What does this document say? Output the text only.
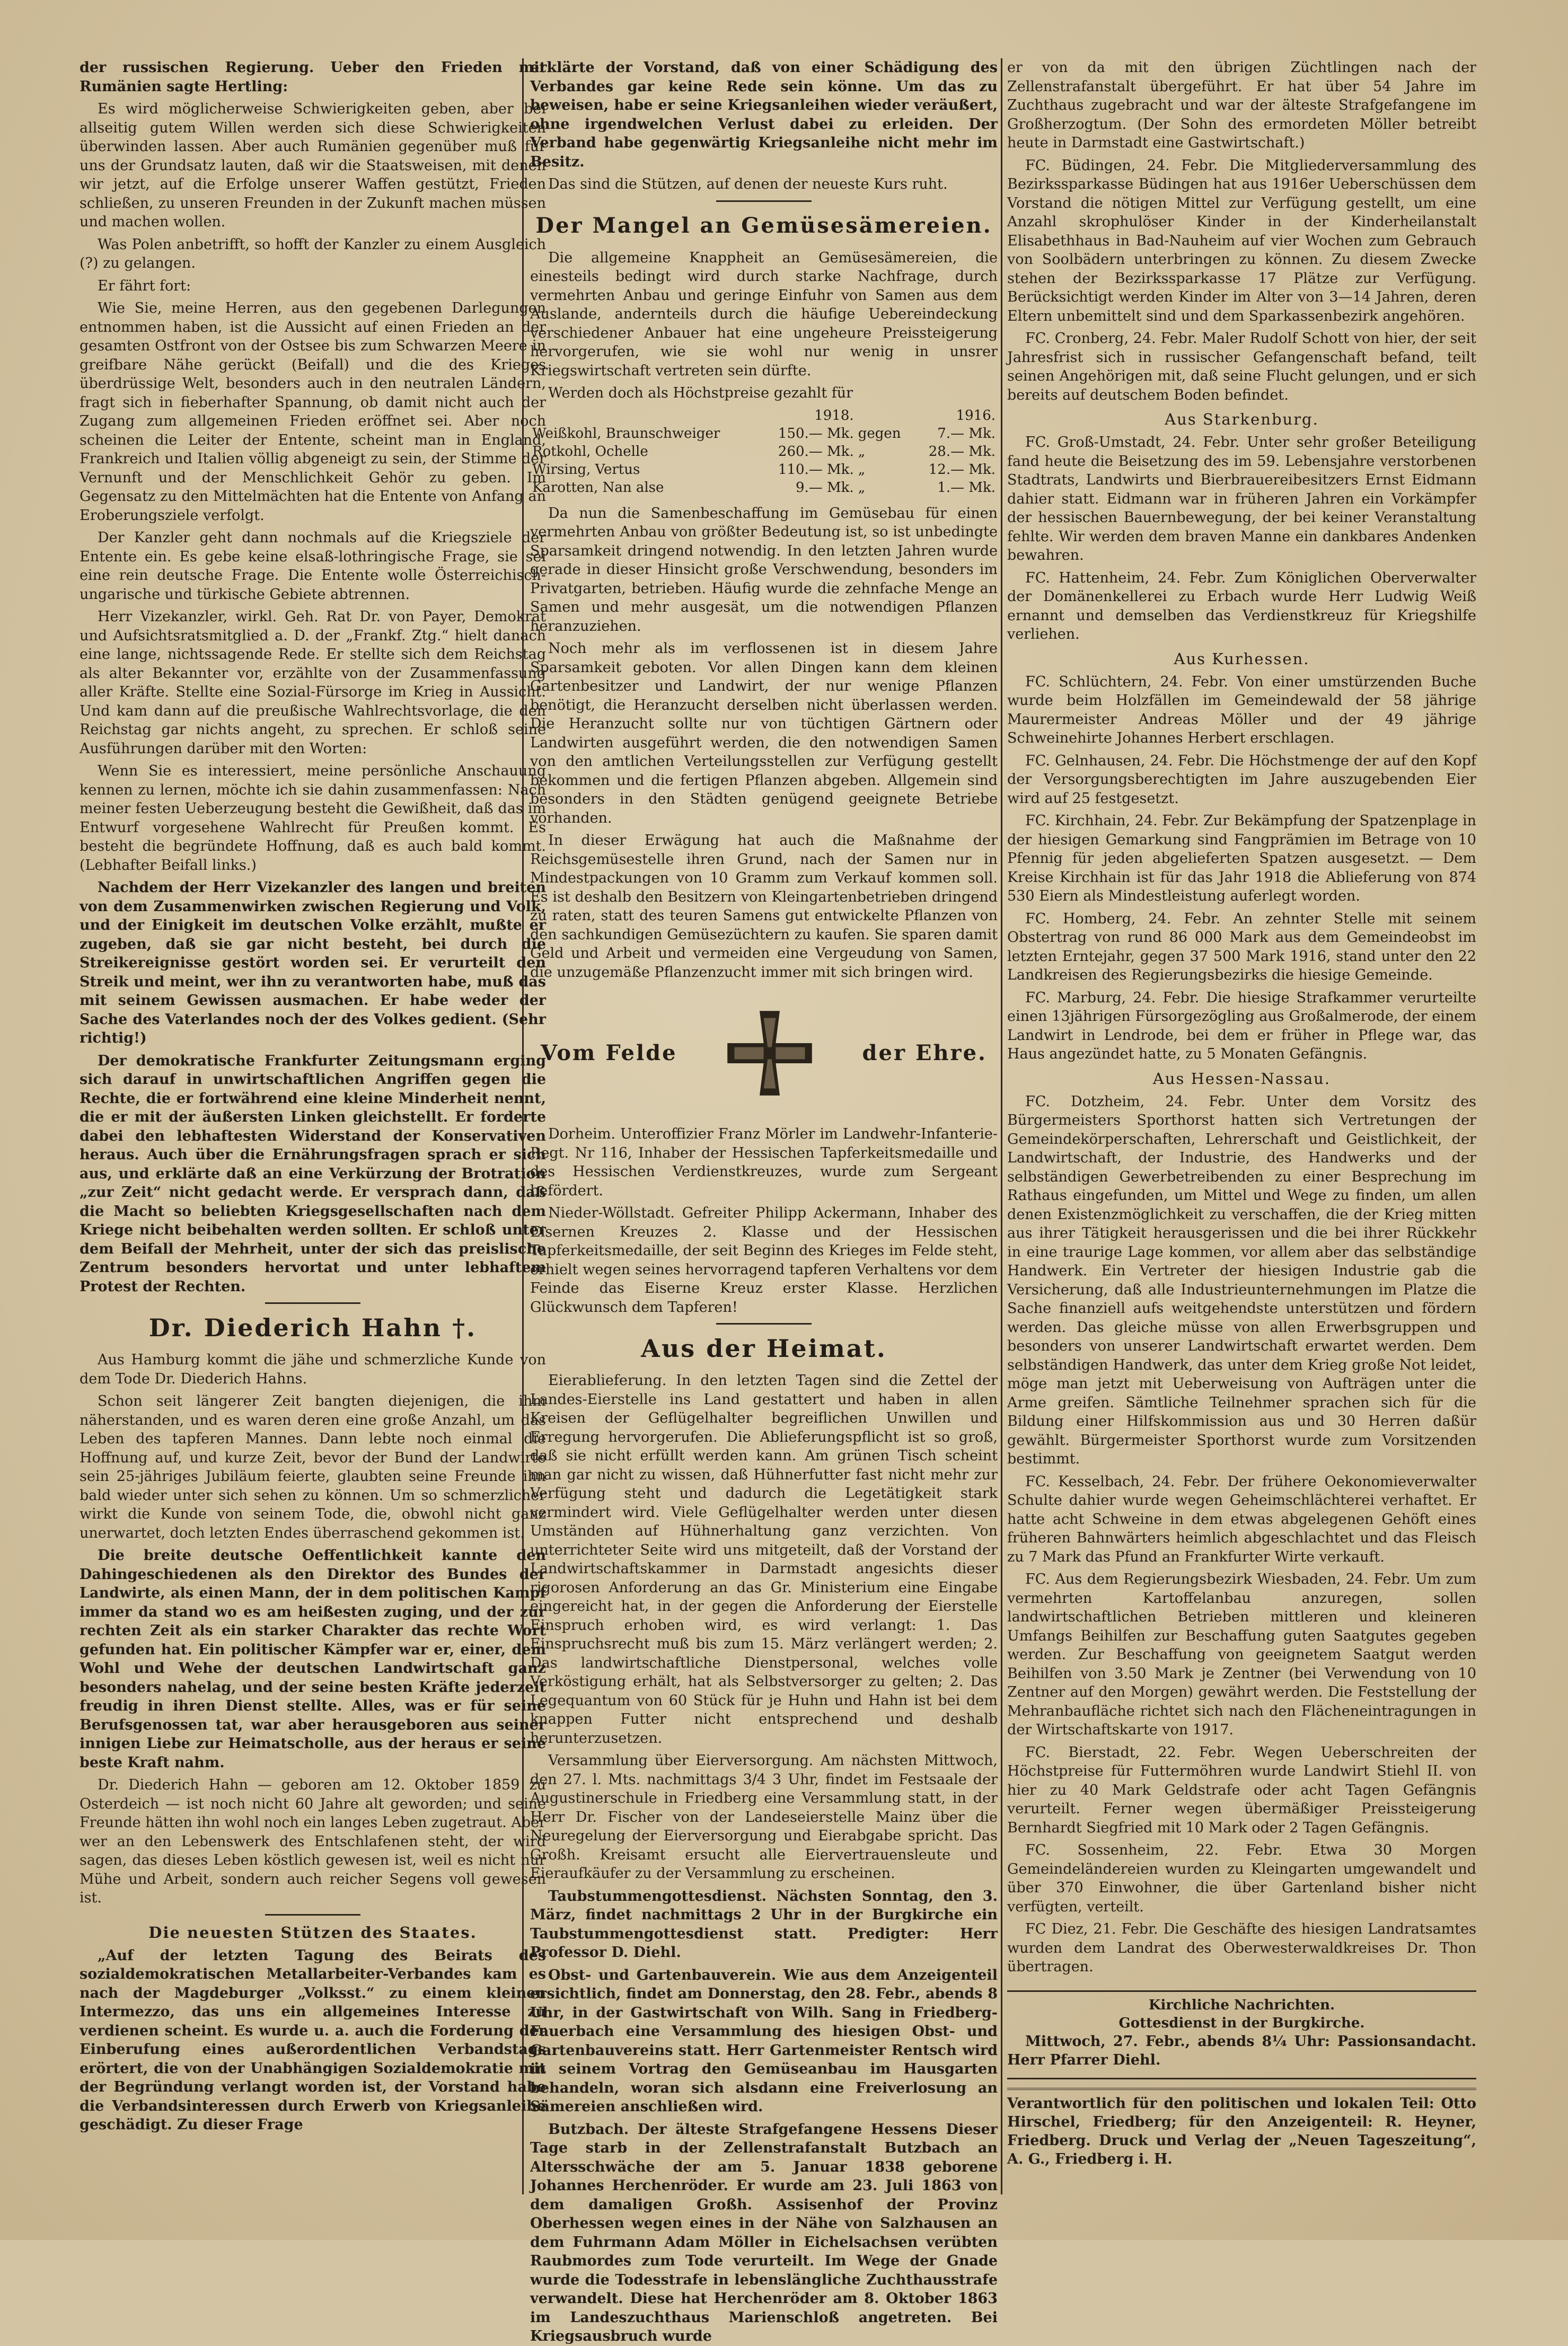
der russischen Regierung. Ueber den Frieden mit Rumänien sagte Hertling:

Es wird möglicherweise Schwierigkeiten geben, aber bei allseitig gutem Willen werden sich diese Schwierigkeiten überwinden lassen. Aber auch Rumänien gegenüber muß für uns der Grundsatz lauten, daß wir die Staatsweisen, mit denen wir jetzt, auf die Erfolge unserer Waffen gestützt, Frieden schließen, zu unseren Freunden in der Zukunft machen müssen und machen wollen.

Was Polen anbetrifft, so hofft der Kanzler zu einem Ausgleich (?) zu gelangen.

Er fährt fort:

Wie Sie, meine Herren, aus den gegebenen Darlegungen entnommen haben, ist die Aussicht auf einen Frieden an der gesamten Ostfront von der Ostsee bis zum Schwarzen Meere in greifbare Nähe gerückt (Beifall) und die des Krieges überdrüssige Welt, besonders auch in den neutralen Ländern, fragt sich in fieberhafter Spannung, ob damit nicht auch der Zugang zum allgemeinen Frieden eröffnet sei. Aber noch scheinen die Leiter der Entente, scheint man in England, Frankreich und Italien völlig abgeneigt zu sein, der Stimme der Vernunft und der Menschlichkeit Gehör zu geben. Im Gegensatz zu den Mittelmächten hat die Entente von Anfang an Eroberungsziele verfolgt.

Der Kanzler geht dann nochmals auf die Kriegsziele der Entente ein. Es gebe keine elsaß-lothringische Frage, sie sei eine rein deutsche Frage. Die Entente wolle Österreichisch-ungarische und türkische Gebiete abtrennen.

Herr Vizekanzler, wirkl. Geh. Rat Dr. von Payer, Demokrat und Aufsichtsratsmitglied a. D. der „Frankf. Ztg.“ hielt danach eine lange, nichtssagende Rede. Er stellte sich dem Reichstag als alter Bekannter vor, erzählte von der Zusammenfassung aller Kräfte. Stellte eine Sozial-Fürsorge im Krieg in Aussicht. Und kam dann auf die preußische Wahlrechtsvorlage, die den Reichstag gar nichts angeht, zu sprechen. Er schloß seine Ausführungen darüber mit den Worten:

Wenn Sie es interessiert, meine persönliche Anschauung kennen zu lernen, möchte ich sie dahin zusammenfassen: Nach meiner festen Ueberzeugung besteht die Gewißheit, daß das im Entwurf vorgesehene Wahlrecht für Preußen kommt. Es besteht die begründete Hoffnung, daß es auch bald kommt. (Lebhafter Beifall links.)

Nachdem der Herr Vizekanzler des langen und breiten von dem Zusammenwirken zwischen Regierung und Volk, und der Einigkeit im deutschen Volke erzählt, mußte er zugeben, daß sie gar nicht besteht, bei durch die Streikereignisse gestört worden sei. Er verurteilt den Streik und meint, wer ihn zu verantworten habe, muß das mit seinem Gewissen ausmachen. Er habe weder der Sache des Vaterlandes noch der des Volkes gedient. (Sehr richtig!)

Der demokratische Frankfurter Zeitungsmann erging sich darauf in unwirtschaftlichen Angriffen gegen die Rechte, die er fortwährend eine kleine Minderheit nennt, die er mit der äußersten Linken gleichstellt. Er forderte dabei den lebhaftesten Widerstand der Konservativen heraus. Auch über die Ernährungsfragen sprach er sich aus, und erklärte daß an eine Verkürzung der Brotration „zur Zeit“ nicht gedacht werde. Er versprach dann, daß die Macht so beliebten Kriegsgesellschaften nach dem Kriege nicht beibehalten werden sollten. Er schloß unter dem Beifall der Mehrheit, unter der sich das preislische Zentrum besonders hervortat und unter lebhaftem Protest der Rechten.

Dr. Diederich Hahn †.

Aus Hamburg kommt die jähe und schmerzliche Kunde von dem Tode Dr. Diederich Hahns.

Schon seit längerer Zeit bangten diejenigen, die ihm näherstanden, und es waren deren eine große Anzahl, um das Leben des tapferen Mannes. Dann lebte noch einmal die Hoffnung auf, und kurze Zeit, bevor der Bund der Landwirte sein 25-jähriges Jubiläum feierte, glaubten seine Freunde ihn bald wieder unter sich sehen zu können. Um so schmerzlicher wirkt die Kunde von seinem Tode, die, obwohl nicht ganz unerwartet, doch letzten Endes überraschend gekommen ist.

Die breite deutsche Oeffentlichkeit kannte den Dahingeschiedenen als den Direktor des Bundes der Landwirte, als einen Mann, der in dem politischen Kampf immer da stand wo es am heißesten zuging, und der zur rechten Zeit als ein starker Charakter das rechte Wort gefunden hat. Ein politischer Kämpfer war er, einer, dem Wohl und Wehe der deutschen Landwirtschaft ganz besonders nahelag, und der seine besten Kräfte jederzeit freudig in ihren Dienst stellte. Alles, was er für seine Berufsgenossen tat, war aber herausgeboren aus seiner innigen Liebe zur Heimatscholle, aus der heraus er seine beste Kraft nahm.

Dr. Diederich Hahn — geboren am 12. Oktober 1859 zu Osterdeich — ist noch nicht 60 Jahre alt geworden; und seine Freunde hätten ihn wohl noch ein langes Leben zugetraut. Aber wer an den Lebenswerk des Entschlafenen steht, der wird sagen, das dieses Leben köstlich gewesen ist, weil es nicht nur Mühe und Arbeit, sondern auch reicher Segens voll gewesen ist.

Die neuesten Stützen des Staates.

„Auf der letzten Tagung des Beirats des sozialdemokratischen Metallarbeiter-Verbandes kam es nach der Magdeburger „Volksst.“ zu einem kleinen Intermezzo, das uns ein allgemeines Interesse zu verdienen scheint. Es wurde u. a. auch die Forderung der Einberufung eines außerordentlichen Verbandstags erörtert, die von der Unabhängigen Sozialdemokratie mit der Begründung verlangt worden ist, der Vorstand habe die Verbandsinteressen durch Erwerb von Kriegsanleihe geschädigt. Zu dieser Frage

erklärte der Vorstand, daß von einer Schädigung des Verbandes gar keine Rede sein könne. Um das zu beweisen, habe er seine Kriegsanleihen wieder veräußert, ohne irgendwelchen Verlust dabei zu erleiden. Der Verband habe gegenwärtig Kriegsanleihe nicht mehr im Besitz.

Das sind die Stützen, auf denen der neueste Kurs ruht.

Der Mangel an Gemüsesämereien.

Die allgemeine Knappheit an Gemüsesämereien, die einesteils bedingt wird durch starke Nachfrage, durch vermehrten Anbau und geringe Einfuhr von Samen aus dem Auslande, andernteils durch die häufige Uebereindeckung verschiedener Anbauer hat eine ungeheure Preissteigerung hervorgerufen, wie sie wohl nur wenig in unsrer Kriegswirtschaft vertreten sein dürfte.

Werden doch als Höchstpreise gezahlt für

	1918.		1916.
Weißkohl, Braunschweiger	150.— Mk.	gegen	7.— Mk.
Rotkohl, Ochelle	260.— Mk.	„	28.— Mk.
Wirsing, Vertus	110.— Mk.	„	12.— Mk.
Karotten, Nan alse	9.— Mk.	„	1.— Mk.

Da nun die Samenbeschaffung im Gemüsebau für einen vermehrten Anbau von größter Bedeutung ist, so ist unbedingte Sparsamkeit dringend notwendig. In den letzten Jahren wurde gerade in dieser Hinsicht große Verschwendung, besonders im Privatgarten, betrieben. Häufig wurde die zehnfache Menge an Samen und mehr ausgesät, um die notwendigen Pflanzen heranzuziehen.

Noch mehr als im verflossenen ist in diesem Jahre Sparsamkeit geboten. Vor allen Dingen kann dem kleinen Gartenbesitzer und Landwirt, der nur wenige Pflanzen benötigt, die Heranzucht derselben nicht überlassen werden. Die Heranzucht sollte nur von tüchtigen Gärtnern oder Landwirten ausgeführt werden, die den notwendigen Samen von den amtlichen Verteilungsstellen zur Verfügung gestellt bekommen und die fertigen Pflanzen abgeben. Allgemein sind besonders in den Städten genügend geeignete Betriebe vorhanden.

In dieser Erwägung hat auch die Maßnahme der Reichsgemüsestelle ihren Grund, nach der Samen nur in Mindestpackungen von 10 Gramm zum Verkauf kommen soll. Es ist deshalb den Besitzern von Kleingartenbetrieben dringend zu raten, statt des teuren Samens gut entwickelte Pflanzen von den sachkundigen Gemüsezüchtern zu kaufen. Sie sparen damit Geld und Arbeit und vermeiden eine Vergeudung von Samen, die unzugemäße Pflanzenzucht immer mit sich bringen wird.

Vom Felde	der Ehre.

Dorheim. Unteroffizier Franz Mörler im Landwehr-Infanterie-Regt. Nr 116, Inhaber der Hessischen Tapferkeitsmedaille und des Hessischen Verdienstkreuzes, wurde zum Sergeant befördert.

Nieder-Wöllstadt. Gefreiter Philipp Ackermann, Inhaber des Eisernen Kreuzes 2. Klasse und der Hessischen Tapferkeitsmedaille, der seit Beginn des Krieges im Felde steht, erhielt wegen seines hervorragend tapferen Verhaltens vor dem Feinde das Eiserne Kreuz erster Klasse. Herzlichen Glückwunsch dem Tapferen!

Aus der Heimat.

Eierablieferung. In den letzten Tagen sind die Zettel der Landes-Eierstelle ins Land gestattert und haben in allen Kreisen der Geflügelhalter begreiflichen Unwillen und Erregung hervorgerufen. Die Ablieferungspflicht ist so groß, daß sie nicht erfüllt werden kann. Am grünen Tisch scheint man gar nicht zu wissen, daß Hühnerfutter fast nicht mehr zur Verfügung steht und dadurch die Legetätigkeit stark vermindert wird. Viele Geflügelhalter werden unter diesen Umständen auf Hühnerhaltung ganz verzichten. Von unterrichteter Seite wird uns mitgeteilt, daß der Vorstand der Landwirtschaftskammer in Darmstadt angesichts dieser rigorosen Anforderung an das Gr. Ministerium eine Eingabe eingereicht hat, in der gegen die Anforderung der Eierstelle Einspruch erhoben wird, es wird verlangt: 1. Das Einspruchsrecht muß bis zum 15. März verlängert werden; 2. Das landwirtschaftliche Dienstpersonal, welches volle Verköstigung erhält, hat als Selbstversorger zu gelten; 2. Das Legequantum von 60 Stück für je Huhn und Hahn ist bei dem knappen Futter nicht entsprechend und deshalb herunterzusetzen.

Versammlung über Eierversorgung. Am nächsten Mittwoch, den 27. l. Mts. nachmittags 3/4 3 Uhr, findet im Festsaale der Augustinerschule in Friedberg eine Versammlung statt, in der Herr Dr. Fischer von der Landeseierstelle Mainz über die Neuregelung der Eierversorgung und Eierabgabe spricht. Das Großh. Kreisamt ersucht alle Eiervertrauensleute und Eieraufkäufer zu der Versammlung zu erscheinen.

Taubstummengottesdienst. Nächsten Sonntag, den 3. März, findet nachmittags 2 Uhr in der Burgkirche ein Taubstummengottesdienst statt. Predigter: Herr Professor D. Diehl.

Obst- und Gartenbauverein. Wie aus dem Anzeigenteil ersichtlich, findet am Donnerstag, den 28. Febr., abends 8 Uhr, in der Gastwirtschaft von Wilh. Sang in Friedberg-Fauerbach eine Versammlung des hiesigen Obst- und Gartenbauvereins statt. Herr Gartenmeister Rentsch wird in seinem Vortrag den Gemüseanbau im Hausgarten behandeln, woran sich alsdann eine Freiverlosung an Sämereien anschließen wird.

Butzbach. Der älteste Strafgefangene Hessens Dieser Tage starb in der Zellenstrafanstalt Butzbach an Altersschwäche der am 5. Januar 1838 geborene Johannes Herchenröder. Er wurde am 23. Juli 1863 von dem damaligen Großh. Assisenhof der Provinz Oberhessen wegen eines in der Nähe von Salzhausen an dem Fuhrmann Adam Möller in Eichelsachsen verübten Raubmordes zum Tode verurteilt. Im Wege der Gnade wurde die Todesstrafe in lebenslängliche Zuchthausstrafe verwandelt. Diese hat Herchenröder am 8. Oktober 1863 im Landeszuchthaus Marienschloß angetreten. Bei Kriegsausbruch wurde

er von da mit den übrigen Züchtlingen nach der Zellenstrafanstalt übergeführt. Er hat über 54 Jahre im Zuchthaus zugebracht und war der älteste Strafgefangene im Großherzogtum. (Der Sohn des ermordeten Möller betreibt heute in Darmstadt eine Gastwirtschaft.)

FC. Büdingen, 24. Febr. Die Mitgliederversammlung des Bezirkssparkasse Büdingen hat aus 1916er Ueberschüssen dem Vorstand die nötigen Mittel zur Verfügung gestellt, um eine Anzahl skrophulöser Kinder in der Kinderheilanstalt Elisabethhaus in Bad-Nauheim auf vier Wochen zum Gebrauch von Soolbädern unterbringen zu können. Zu diesem Zwecke stehen der Bezirkssparkasse 17 Plätze zur Verfügung. Berücksichtigt werden Kinder im Alter von 3—14 Jahren, deren Eltern unbemittelt sind und dem Sparkassenbezirk angehören.

FC. Cronberg, 24. Febr. Maler Rudolf Schott von hier, der seit Jahresfrist sich in russischer Gefangenschaft befand, teilt seinen Angehörigen mit, daß seine Flucht gelungen, und er sich bereits auf deutschem Boden befindet.

Aus Starkenburg.

FC. Groß-Umstadt, 24. Febr. Unter sehr großer Beteiligung fand heute die Beisetzung des im 59. Lebensjahre verstorbenen Stadtrats, Landwirts und Bierbrauereibesitzers Ernst Eidmann dahier statt. Eidmann war in früheren Jahren ein Vorkämpfer der hessischen Bauernbewegung, der bei keiner Veranstaltung fehlte. Wir werden dem braven Manne ein dankbares Andenken bewahren.

FC. Hattenheim, 24. Febr. Zum Königlichen Oberverwalter der Domänenkellerei zu Erbach wurde Herr Ludwig Weiß ernannt und demselben das Verdienstkreuz für Kriegshilfe verliehen.

Aus Kurhessen.

FC. Schlüchtern, 24. Febr. Von einer umstürzenden Buche wurde beim Holzfällen im Gemeindewald der 58 jährige Maurermeister Andreas Möller und der 49 jährige Schweinehirte Johannes Herbert erschlagen.

FC. Gelnhausen, 24. Febr. Die Höchstmenge der auf den Kopf der Versorgungsberechtigten im Jahre auszugebenden Eier wird auf 25 festgesetzt.

FC. Kirchhain, 24. Febr. Zur Bekämpfung der Spatzenplage in der hiesigen Gemarkung sind Fangprämien im Betrage von 10 Pfennig für jeden abgelieferten Spatzen ausgesetzt. — Dem Kreise Kirchhain ist für das Jahr 1918 die Ablieferung von 874 530 Eiern als Mindestleistung auferlegt worden.

FC. Homberg, 24. Febr. An zehnter Stelle mit seinem Obstertrag von rund 86 000 Mark aus dem Gemeindeobst im letzten Erntejahr, gegen 37 500 Mark 1916, stand unter den 22 Landkreisen des Regierungsbezirks die hiesige Gemeinde.

FC. Marburg, 24. Febr. Die hiesige Strafkammer verurteilte einen 13jährigen Fürsorgezögling aus Großalmerode, der einem Landwirt in Lendrode, bei dem er früher in Pflege war, das Haus angezündet hatte, zu 5 Monaten Gefängnis.

Aus Hessen-Nassau.

FC. Dotzheim, 24. Febr. Unter dem Vorsitz des Bürgermeisters Sporthorst hatten sich Vertretungen der Gemeindekörperschaften, Lehrerschaft und Geistlichkeit, der Landwirtschaft, der Industrie, des Handwerks und der selbständigen Gewerbetreibenden zu einer Besprechung im Rathaus eingefunden, um Mittel und Wege zu finden, um allen denen Existenzmöglichkeit zu verschaffen, die der Krieg mitten aus ihrer Tätigkeit herausgerissen und die bei ihrer Rückkehr in eine traurige Lage kommen, vor allem aber das selbständige Handwerk. Ein Vertreter der hiesigen Industrie gab die Versicherung, daß alle Industrieunternehmungen im Platze die Sache finanziell aufs weitgehendste unterstützen und fördern werden. Das gleiche müsse von allen Erwerbsgruppen und besonders von unserer Landwirtschaft erwartet werden. Dem selbständigen Handwerk, das unter dem Krieg große Not leidet, möge man jetzt mit Ueberweisung von Aufträgen unter die Arme greifen. Sämtliche Teilnehmer sprachen sich für die Bildung einer Hilfskommission aus und 30 Herren daßür gewählt. Bürgermeister Sporthorst wurde zum Vorsitzenden bestimmt.

FC. Kesselbach, 24. Febr. Der frühere Oekonomieverwalter Schulte dahier wurde wegen Geheimschlächterei verhaftet. Er hatte acht Schweine in dem etwas abgelegenen Gehöft eines früheren Bahnwärters heimlich abgeschlachtet und das Fleisch zu 7 Mark das Pfund an Frankfurter Wirte verkauft.

FC. Aus dem Regierungsbezirk Wiesbaden, 24. Febr. Um zum vermehrten Kartoffelanbau anzuregen, sollen landwirtschaftlichen Betrieben mittleren und kleineren Umfangs Beihilfen zur Beschaffung guten Saatgutes gegeben werden. Zur Beschaffung von geeignetem Saatgut werden Beihilfen von 3.50 Mark je Zentner (bei Verwendung von 10 Zentner auf den Morgen) gewährt werden. Die Feststellung der Mehranbaufläche richtet sich nach den Flächeneintragungen in der Wirtschaftskarte von 1917.

FC. Bierstadt, 22. Febr. Wegen Ueberschreiten der Höchstpreise für Futtermöhren wurde Landwirt Stiehl II. von hier zu 40 Mark Geldstrafe oder acht Tagen Gefängnis verurteilt. Ferner wegen übermäßiger Preissteigerung Bernhardt Siegfried mit 10 Mark oder 2 Tagen Gefängnis.

FC. Sossenheim, 22. Febr. Etwa 30 Morgen Gemeindeländereien wurden zu Kleingarten umgewandelt und über 370 Einwohner, die über Gartenland bisher nicht verfügten, verteilt.

FC Diez, 21. Febr. Die Geschäfte des hiesigen Landratsamtes wurden dem Landrat des Oberwesterwaldkreises Dr. Thon übertragen.

Kirchliche Nachrichten.
Gottesdienst in der Burgkirche.

Mittwoch, 27. Febr., abends 8¼ Uhr: Passionsandacht. Herr Pfarrer Diehl.

Verantwortlich für den politischen und lokalen Teil: Otto Hirschel, Friedberg; für den Anzeigenteil: R. Heyner, Friedberg. Druck und Verlag der „Neuen Tageszeitung“, A. G., Friedberg i. H.
